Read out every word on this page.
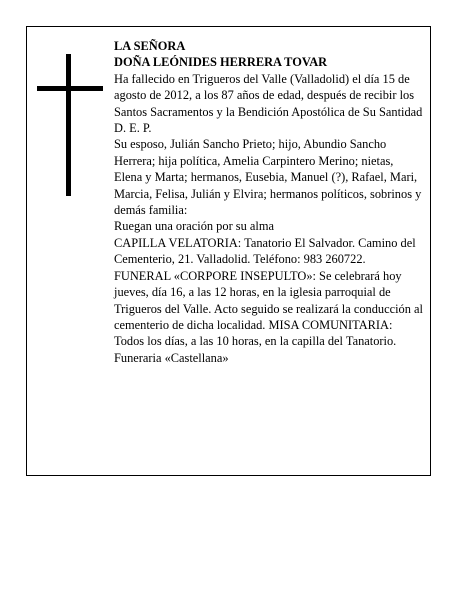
LA SEÑORA

DOÑA LEÓNIDES HERRERA TOVAR

Ha fallecido en Trigueros del Valle (Valladolid) el día 15 de agosto de 2012, a los 87 años de edad, después de recibir los Santos Sacramentos y la Bendición Apostólica de Su Santidad

D. E. P.

Su esposo, Julián Sancho Prieto; hijo, Abundio Sancho Herrera; hija política, Amelia Carpintero Merino; nietas, Elena y Marta; hermanos, Eusebia, Manuel (?), Rafael, Mari, Marcia, Felisa, Julián y Elvira; hermanos políticos, sobrinos y demás familia:

Ruegan una oración por su alma

CAPILLA VELATORIA: Tanatorio El Salvador. Camino del Cementerio, 21. Valladolid. Teléfono: 983 260722.

FUNERAL «CORPORE INSEPULTO»: Se celebrará hoy jueves, día 16, a las 12 horas, en la iglesia parroquial de Trigueros del Valle. Acto seguido se realizará la conducción al cementerio de dicha localidad. MISA COMUNITARIA: Todos los días, a las 10 horas, en la capilla del Tanatorio.

Funeraria «Castellana»
